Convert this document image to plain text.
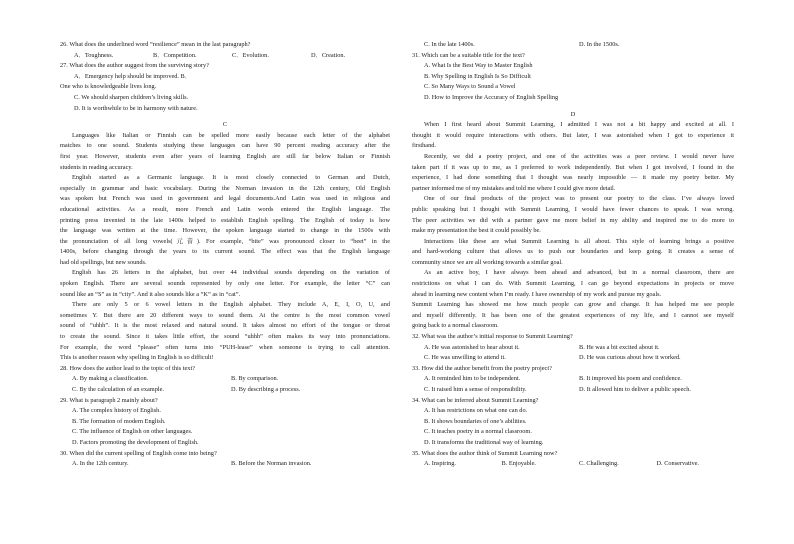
26. What does the underlined word “resilience” mean in the last paragraph?
A．Toughness.	B．Competition.	C．Evolution.	D．Creation.
27. What does the author suggest from the surviving story?
A．Emergency help should be improved. B．
One who is knowledgeable lives long.
C. We should sharpen children’s living skills.
D. It is worthwhile to be in harmony with nature.
C
Languages like Italian or Finnish can be spelled more easily because each letter of the alphabet
matches to one sound. Students studying these languages can have 90 percent reading accuracy after the
first year. However, students even after years of learning English are still far below Italian or Finnish
students in reading accuracy.
English started as a Germanic language. It is most closely connected to German and Dutch,
especially in grammar and basic vocabulary. During the Norman invasion in the 12th century, Old English
was spoken but French was used in government and legal documents.And Latin was used in religious and
educational activities. As a result, more French and Latin words entered the English language. The
printing press invented in the late 1400s helped to establish English spelling. The English of today is how
the language was written at the time. However, the spoken language started to change in the 1500s with
the pronunciation of all long vowels(元音). For example, “bite” was pronounced closer to “beet” in the
1400s, before changing through the years to its current sound. The effect was that the English language
had old spellings, but new sounds.
English has 26 letters in the alphabet, but over 44 individual sounds depending on the variation of
spoken English. There are several sounds represented by only one letter. For example, the letter “C” can
sound like an “S” as in “city”. And it also sounds like a “K” as in “cat”.
There are only 5 or 6 vowel letters in the English alphabet. They include A, E, I, O, U, and
sometimes Y. But there are 20 different ways to sound them. At the centre is the most common vowel
sound of “uhhh”. It is the most relaxed and natural sound. It takes almost no effort of the tongue or throat
to create the sound. Since it takes little effort, the sound “uhhh” often makes its way into pronunciations.
For example, the word “please” often turns into “PUH-lease” when someone is trying to call attention.
This is another reason why spelling in English is so difficult!
28. How does the author lead to the topic of this text?
A. By making a classification.	B. By comparison.
C. By the calculation of an example.	D. By describing a process.
29. What is paragraph 2 mainly about?
A. The complex history of English.
B. The formation of modern English.
C. The influence of English on other languages.
D. Factors promoting the development of English.
30. When did the current spelling of English come into being?
A. In the 12th century.	B. Before the Norman invasion.
C. In the late 1400s.	D. In the 1500s.
31. Which can be a suitable title for the text?
A. What Is the Best Way to Master English
B. Why Spelling in English Is So Difficult
C. So Many Ways to Sound a Vowel
D. How to Improve the Accuracy of English Spelling
D
When I first heard about Summit Learning, I admitted I was not a bit happy and excited at all. I
thought it would require interactions with others. But later, I was astonished when I got to experience it
firsthand.
Recently, we did a poetry project, and one of the activities was a peer review. I would never have
taken part if it was up to me, as I preferred to work independently. But when I got involved, I found in the
experience, I had done something that I thought was nearly impossible — it made my poetry better. My
partner informed me of my mistakes and told me where I could give more detail.
One of our final products of the project was to present our poetry to the class. I’ve always loved
public speaking but I thought with Summit Learning, I would have fewer chances to speak. I was wrong.
The peer activities we did with a partner gave me more belief in my ability and inspired me to do more to
make my presentation the best it could possibly be.
Interactions like these are what Summit Learning is all about. This style of learning brings a positive
and hard-working culture that allows us to push our boundaries and keep going. It creates a sense of
community since we are all working towards a similar goal.
As an active boy, I have always been ahead and advanced, but in a normal classroom, there are
restrictions on what I can do. With Summit Learning, I can go beyond expectations in projects or move
ahead in learning new content when I’m ready. I have ownership of my work and pursue my goals.
Summit Learning has showed me how much people can grow and change. It has helped me see people
and myself differently. It has been one of the greatest experiences of my life, and I cannot see myself
going back to a normal classroom.
32. What was the author’s initial response to Summit Learning?
A. He was astonished to hear about it.	B. He was a bit excited about it.
C. He was unwilling to attend it.	D. He was curious about how it worked.
33. How did the author benefit from the poetry project?
A. It reminded him to be independent.	B. It improved his poem and confidence.
C. It raised him a sense of responsibility.	D. It allowed him to deliver a public speech.
34. What can be inferred about Summit Learning?
A. It has restrictions on what one can do.
B. It shows boundaries of one’s abilities.
C. It teaches poetry in a normal classroom.
D. It transforms the traditional way of learning.
35. What does the author think of Summit Learning now?
A. Inspiring.	B. Enjoyable.	C. Challenging.	D. Conservative.
